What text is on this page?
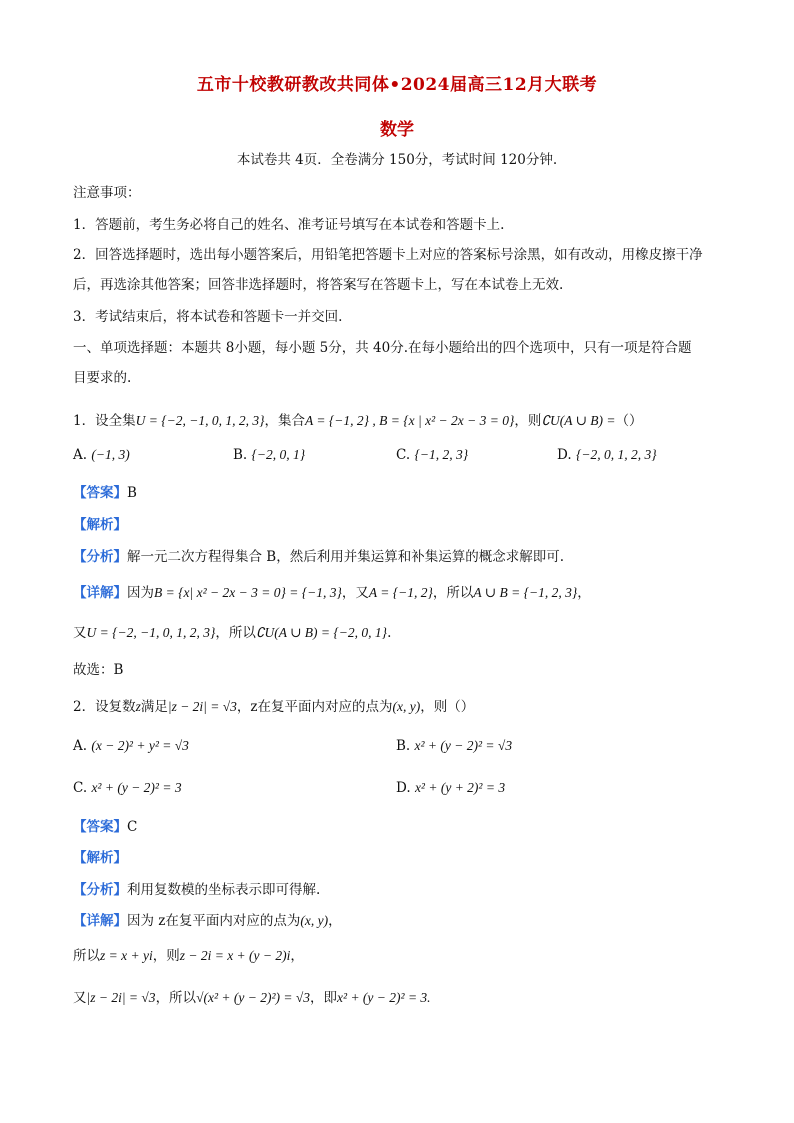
五市十校教研教改共同体•2024届高三12月大联考
数学
本试卷共 4页．全卷满分 150分，考试时间 120分钟.
注意事项：
1．答题前，考生务必将自己的姓名、准考证号填写在本试卷和答题卡上.
2．回答选择题时，选出每小题答案后，用铅笔把答题卡上对应的答案标号涂黑，如有改动，用橡皮擦干净
后，再选涂其他答案；回答非选择题时，将答案写在答题卡上，写在本试卷上无效.
3．考试结束后，将本试卷和答题卡一并交回.
一、单项选择题：本题共 8小题，每小题 5分，共 40分.在每小题给出的四个选项中，只有一项是符合题
目要求的.
1．设全集U = {−2, −1, 0, 1, 2, 3}，集合A = {−1, 2} , B = {x | x² − 2x − 3 = 0}，则∁U(A ∪ B) =（）
A. (−1, 3)	B. {−2, 0, 1}	C. {−1, 2, 3}	D. {−2, 0, 1, 2, 3}
【答案】B
【解析】
【分析】解一元二次方程得集合 B，然后利用并集运算和补集运算的概念求解即可.
【详解】因为B = {x| x² − 2x − 3 = 0} = {−1, 3}，又A = {−1, 2}，所以A ∪ B = {−1, 2, 3}，
又U = {−2, −1, 0, 1, 2, 3}，所以∁U(A ∪ B) = {−2, 0, 1}.
故选：B
2．设复数z满足|z − 2i| = √3，z在复平面内对应的点为(x, y)，则（）
A. (x − 2)² + y² = √3	B. x² + (y − 2)² = √3
C. x² + (y − 2)² = 3	D. x² + (y + 2)² = 3
【答案】C
【解析】
【分析】利用复数模的坐标表示即可得解.
【详解】因为 z在复平面内对应的点为(x, y)，
所以z = x + yi，则z − 2i = x + (y − 2)i，
又|z − 2i| = √3，所以√(x² + (y − 2)²) = √3，即x² + (y − 2)² = 3.
